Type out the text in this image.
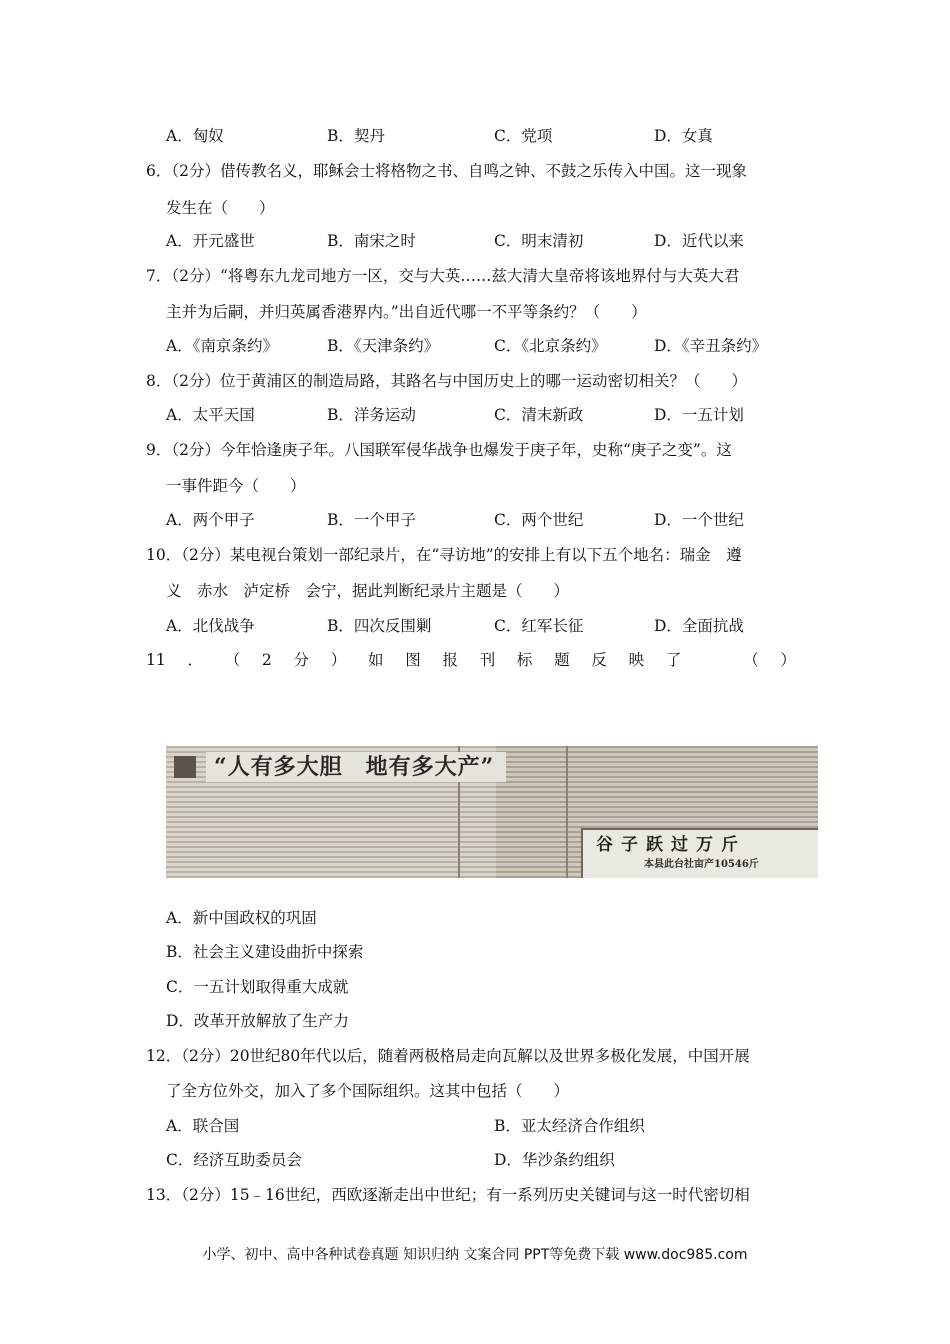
A．匈奴	B．契丹	C．党项	D．女真
6．（2分）借传教名义，耶稣会士将格物之书、自鸣之钟、不鼓之乐传入中国。这一现象
发生在（　　）
A．开元盛世	B．南宋之时	C．明末清初	D．近代以来
7．（2分）“将粤东九龙司地方一区，交与大英……兹大清大皇帝将该地界付与大英大君
主并为后嗣，并归英属香港界内。”出自近代哪一不平等条约？（　　）
A．《南京条约》	B．《天津条约》	C．《北京条约》	D．《辛丑条约》
8．（2分）位于黄浦区的制造局路，其路名与中国历史上的哪一运动密切相关？（　　）
A．太平天国	B．洋务运动	C．清末新政	D．一五计划
9．（2分）今年恰逢庚子年。八国联军侵华战争也爆发于庚子年，史称“庚子之变”。这
一事件距今（　　）
A．两个甲子	B．一个甲子	C．两个世纪	D．一个世纪
10．（2分）某电视台策划一部纪录片，在“寻访地”的安排上有以下五个地名：瑞金　遵
义　赤水　泸定桥　会宁，据此判断纪录片主题是（　　）
A．北伐战争	B．四次反围剿	C．红军长征	D．全面抗战
11 ． （ 2 分 ） 如 图 报 刊 标 题 反 映 了	（ ）
“人有多大胆　地有多大产”
谷子跃过万斤
本县此台社亩产10546斤
A．新中国政权的巩固
B．社会主义建设曲折中探索
C．一五计划取得重大成就
D．改革开放解放了生产力
12．（2分）20世纪80年代以后，随着两极格局走向瓦解以及世界多极化发展，中国开展
了全方位外交，加入了多个国际组织。这其中包括（　　）
A．联合国	B．亚太经济合作组织
C．经济互助委员会	D．华沙条约组织
13．（2分）15﹣16世纪，西欧逐渐走出中世纪；有一系列历史关键词与这一时代密切相
小学、初中、高中各种试卷真题 知识归纳 文案合同 PPT等免费下载 www.doc985.com
